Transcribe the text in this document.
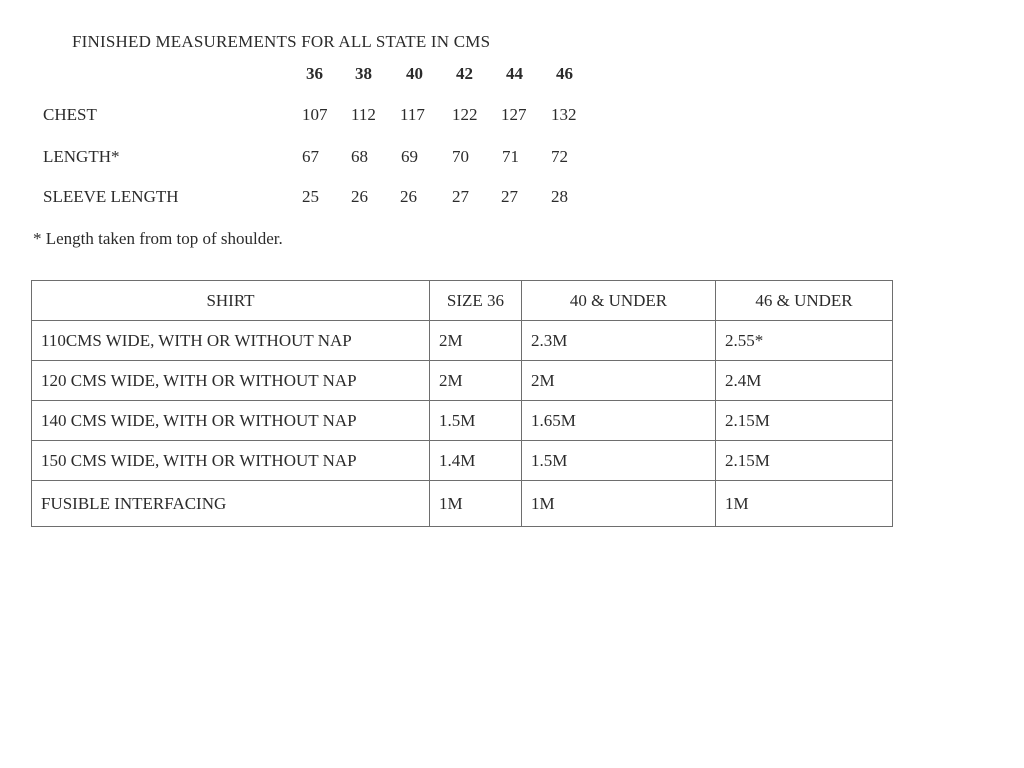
FINISHED MEASUREMENTS FOR ALL STATE IN CMS
36 38 40 42 44 46
CHEST	107 112 117 122 127 132
LENGTH*	67 68 69 70 71 72
SLEEVE LENGTH	25 26 26 27 27 28
* Length taken from top of shoulder.
SHIRT	SIZE 36	40 & UNDER	46 & UNDER
110CMS WIDE, WITH OR WITHOUT NAP	2M	2.3M	2.55*
120 CMS WIDE, WITH OR WITHOUT NAP	2M	2M	2.4M
140 CMS WIDE, WITH OR WITHOUT NAP	1.5M	1.65M	2.15M
150 CMS WIDE, WITH OR WITHOUT NAP	1.4M	1.5M	2.15M
FUSIBLE INTERFACING	1M	1M	1M
